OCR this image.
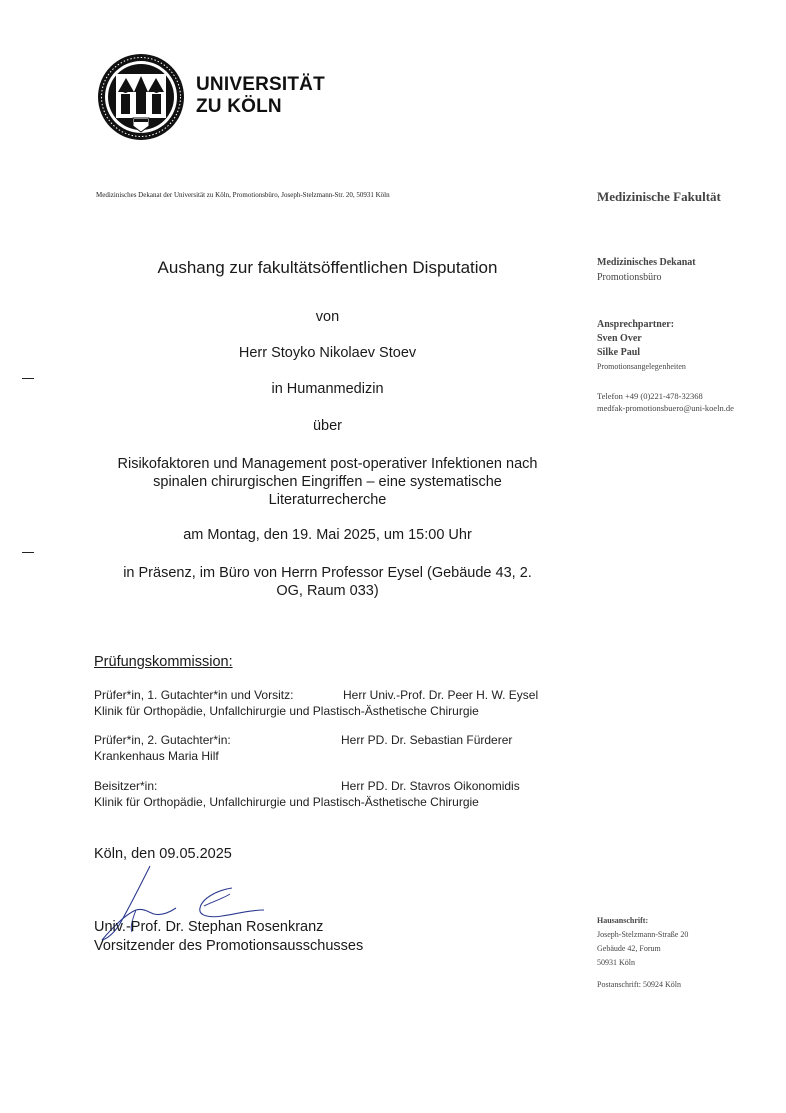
UNIVERSITÄT
ZU KÖLN
Medizinisches Dekanat der Universität zu Köln, Promotionsbüro, Joseph-Stelzmann-Str. 20, 50931 Köln	Medizinische Fakultät
Medizinisches Dekanat
Promotionsbüro
Ansprechpartner:
Sven Over
Silke Paul
Promotionsangelegenheiten
Telefon +49 (0)221-478-32368
medfak-promotionsbuero@uni-koeln.de
Hausanschrift:
Joseph-Stelzmann-Straße 20
Gebäude 42, Forum
50931 Köln
Postanschrift: 50924 Köln
Aushang zur fakultätsöffentlichen Disputation
von
Herr Stoyko Nikolaev Stoev
in Humanmedizin
über
Risikofaktoren und Management post-operativer Infektionen nach
spinalen chirurgischen Eingriffen – eine systematische
Literaturrecherche
am Montag, den 19. Mai 2025, um 15:00 Uhr
in Präsenz, im Büro von Herrn Professor Eysel (Gebäude 43, 2.
OG, Raum 033)
Prüfungskommission:
Prüfer*in, 1. Gutachter*in und Vorsitz:	Herr Univ.-Prof. Dr. Peer H. W. Eysel
Klinik für Orthopädie, Unfallchirurgie und Plastisch-Ästhetische Chirurgie
Prüfer*in, 2. Gutachter*in:	Herr PD. Dr. Sebastian Fürderer
Krankenhaus Maria Hilf
Beisitzer*in:	Herr PD. Dr. Stavros Oikonomidis
Klinik für Orthopädie, Unfallchirurgie und Plastisch-Ästhetische Chirurgie
Köln, den 09.05.2025
Univ.-Prof. Dr. Stephan Rosenkranz
Vorsitzender des Promotionsausschusses
